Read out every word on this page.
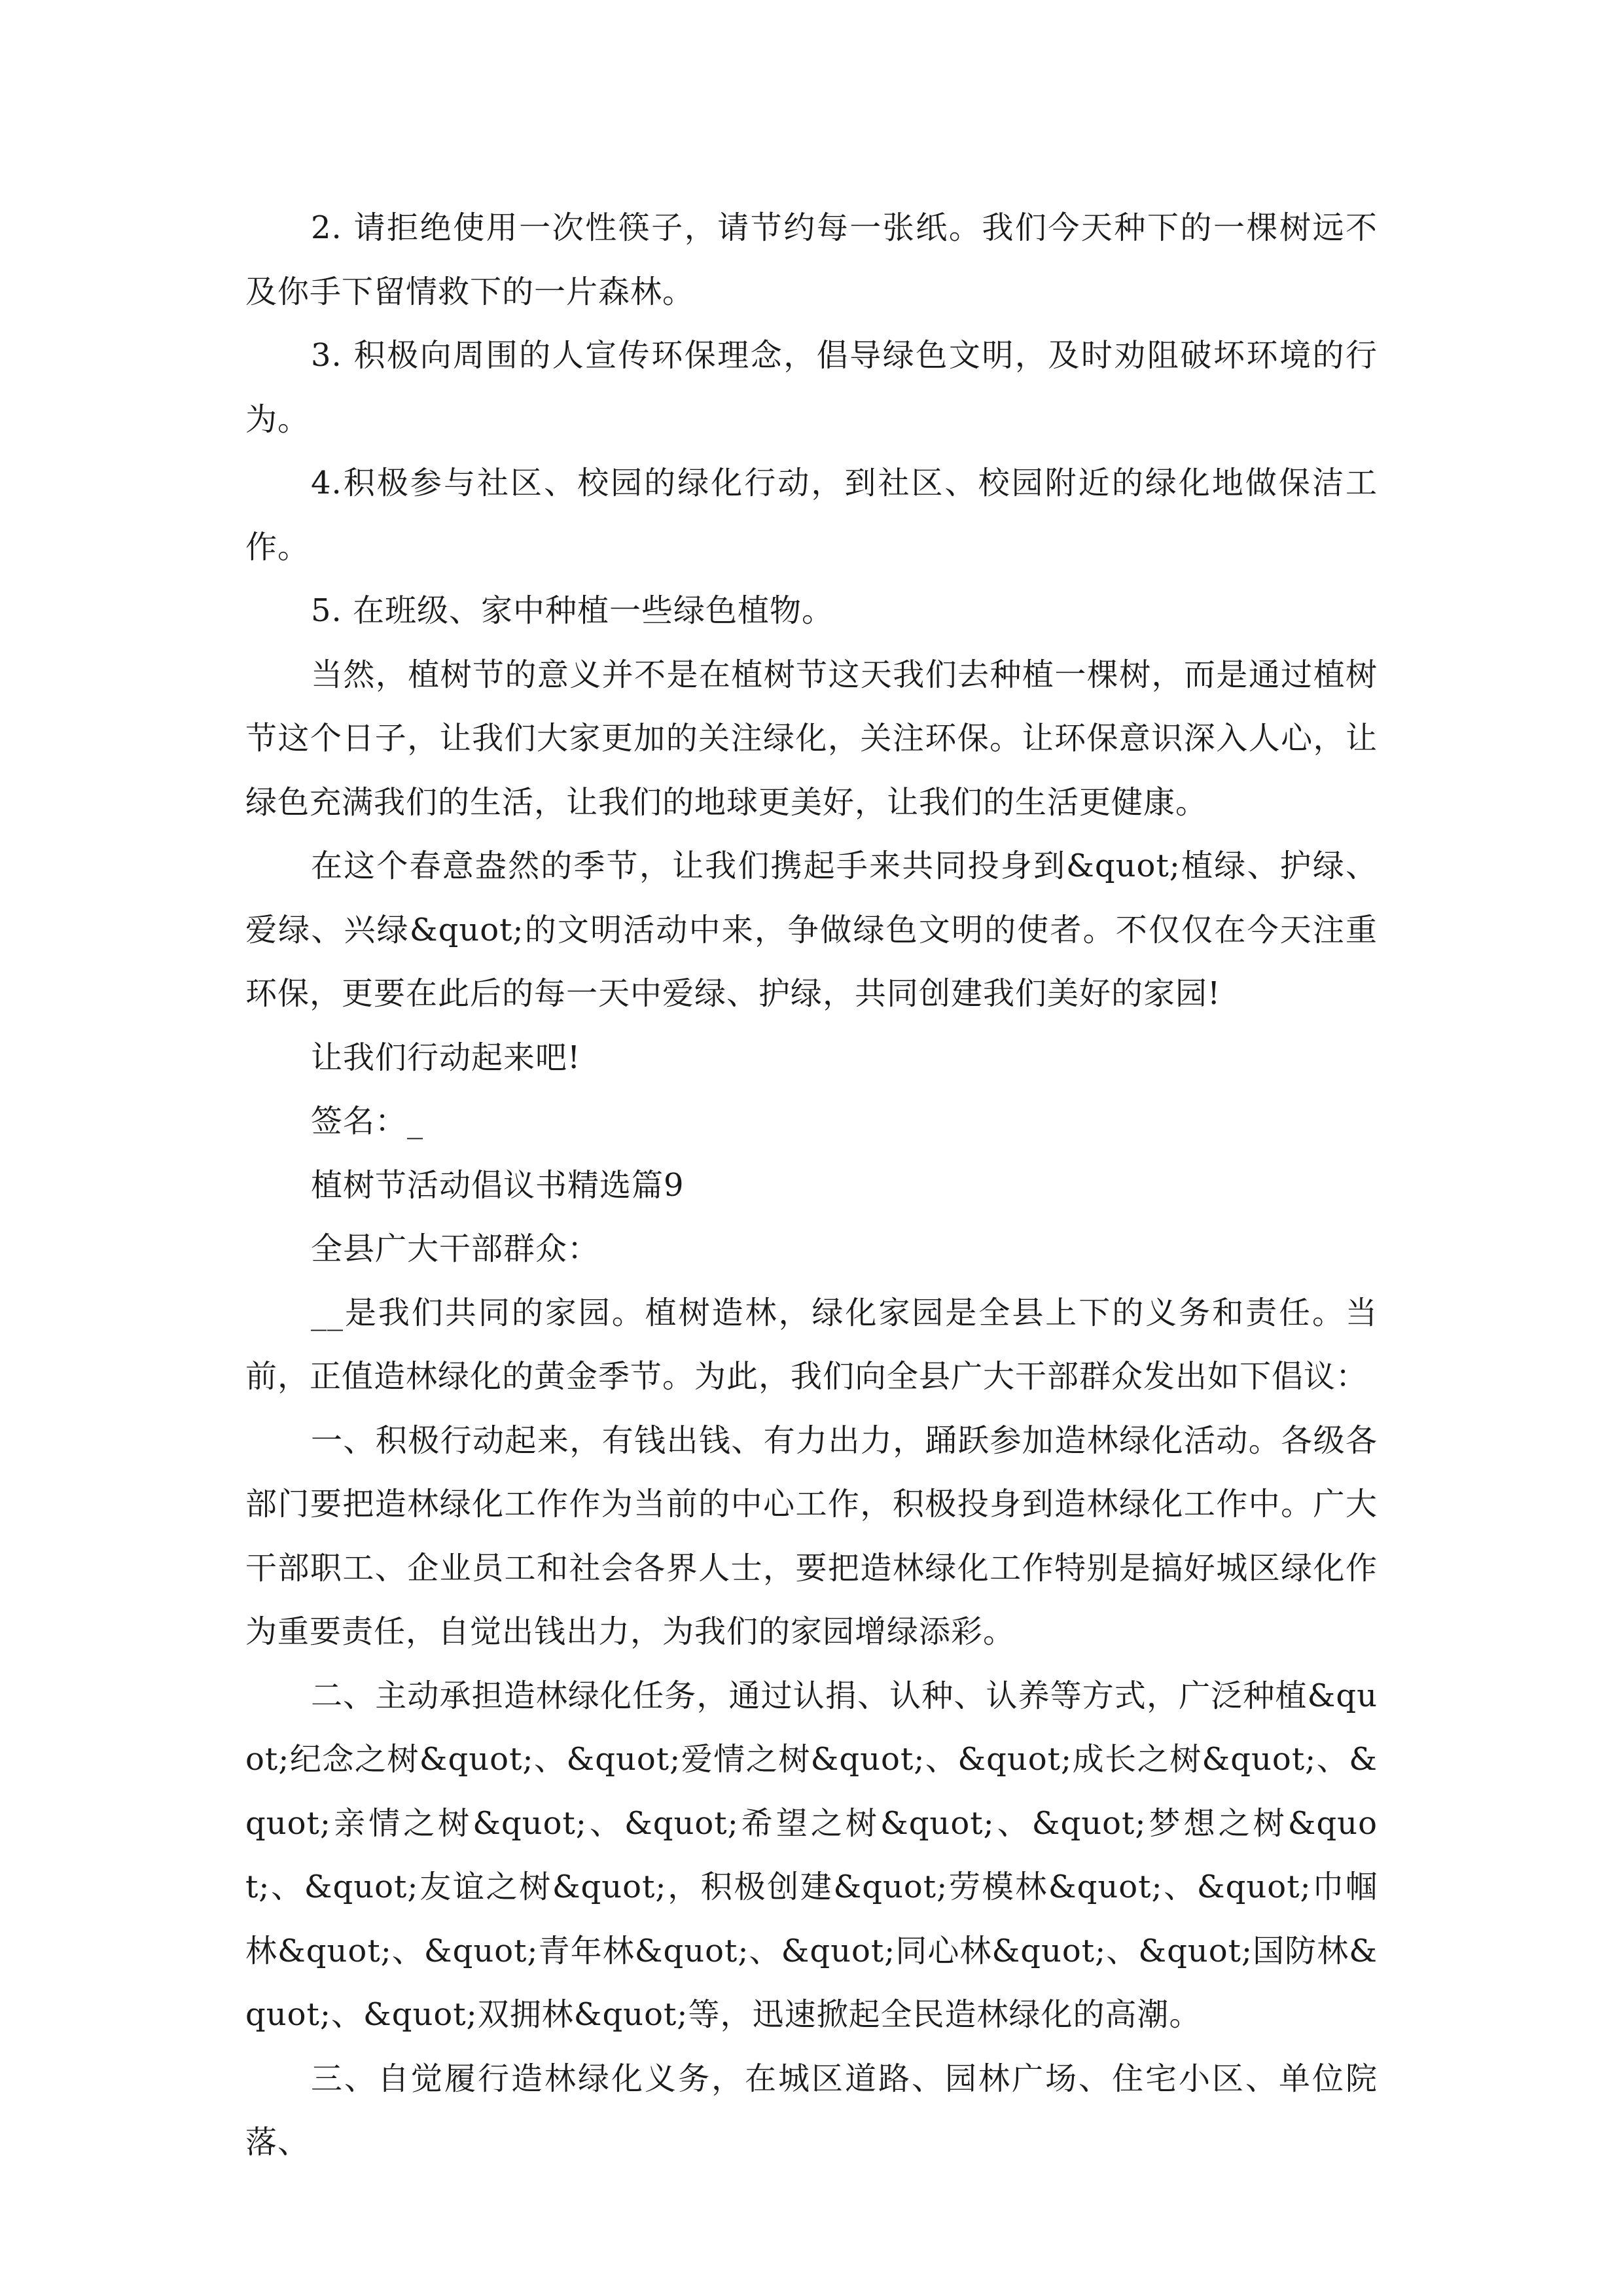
2. 请拒绝使用一次性筷子，请节约每一张纸。我们今天种下的一棵树远不及你手下留情救下的一片森林。

3. 积极向周围的人宣传环保理念，倡导绿色文明，及时劝阻破坏环境的行为。

4.积极参与社区、校园的绿化行动，到社区、校园附近的绿化地做保洁工作。

5. 在班级、家中种植一些绿色植物。

当然，植树节的意义并不是在植树节这天我们去种植一棵树，而是通过植树节这个日子，让我们大家更加的关注绿化，关注环保。让环保意识深入人心，让绿色充满我们的生活，让我们的地球更美好，让我们的生活更健康。

在这个春意盎然的季节，让我们携起手来共同投身到&quot;植绿、护绿、爱绿、兴绿&quot;的文明活动中来，争做绿色文明的使者。不仅仅在今天注重环保，更要在此后的每一天中爱绿、护绿，共同创建我们美好的家园!

让我们行动起来吧!

签名：_

植树节活动倡议书精选篇9

全县广大干部群众：

__是我们共同的家园。植树造林，绿化家园是全县上下的义务和责任。当前，正值造林绿化的黄金季节。为此，我们向全县广大干部群众发出如下倡议：

一、积极行动起来，有钱出钱、有力出力，踊跃参加造林绿化活动。各级各部门要把造林绿化工作作为当前的中心工作，积极投身到造林绿化工作中。广大干部职工、企业员工和社会各界人士，要把造林绿化工作特别是搞好城区绿化作为重要责任，自觉出钱出力，为我们的家园增绿添彩。

二、主动承担造林绿化任务，通过认捐、认种、认养等方式，广泛种植&quot;纪念之树&quot;、&quot;爱情之树&quot;、&quot;成长之树&quot;、&quot;亲情之树&quot;、&quot;希望之树&quot;、&quot;梦想之树&quot;、&quot;友谊之树&quot;，积极创建&quot;劳模林&quot;、&quot;巾帼林&quot;、&quot;青年林&quot;、&quot;同心林&quot;、&quot;国防林&quot;、&quot;双拥林&quot;等，迅速掀起全民造林绿化的高潮。

三、自觉履行造林绿化义务，在城区道路、园林广场、住宅小区、单位院落、
